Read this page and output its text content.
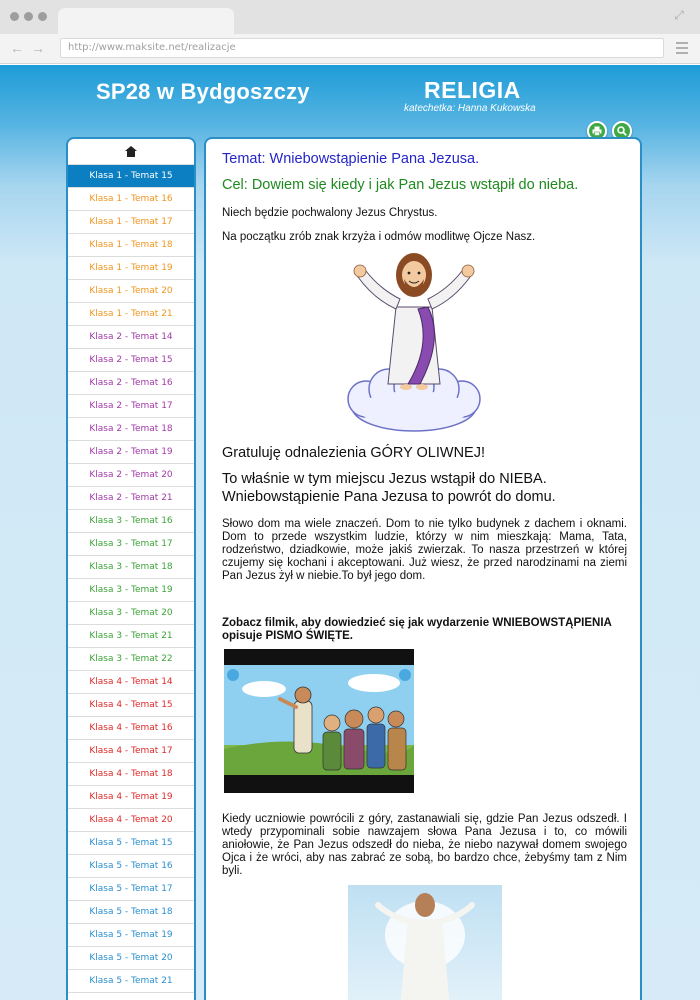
⤢
← →	http://www.maksite.net/realizacje
SP28 w Bydgoszczy	RELIGIA
katechetka: Hanna Kukowska
Klasa 1 - Temat 15
Klasa 1 - Temat 16
Klasa 1 - Temat 17
Klasa 1 - Temat 18
Klasa 1 - Temat 19
Klasa 1 - Temat 20
Klasa 1 - Temat 21
Klasa 2 - Temat 14
Klasa 2 - Temat 15
Klasa 2 - Temat 16
Klasa 2 - Temat 17
Klasa 2 - Temat 18
Klasa 2 - Temat 19
Klasa 2 - Temat 20
Klasa 2 - Temat 21
Klasa 3 - Temat 16
Klasa 3 - Temat 17
Klasa 3 - Temat 18
Klasa 3 - Temat 19
Klasa 3 - Temat 20
Klasa 3 - Temat 21
Klasa 3 - Temat 22
Klasa 4 - Temat 14
Klasa 4 - Temat 15
Klasa 4 - Temat 16
Klasa 4 - Temat 17
Klasa 4 - Temat 18
Klasa 4 - Temat 19
Klasa 4 - Temat 20
Klasa 5 - Temat 15
Klasa 5 - Temat 16
Klasa 5 - Temat 17
Klasa 5 - Temat 18
Klasa 5 - Temat 19
Klasa 5 - Temat 20
Klasa 5 - Temat 21
Temat: Wniebowstąpienie Pana Jezusa.
Cel: Dowiem się kiedy i jak Pan Jezus wstąpił do nieba.
Niech będzie pochwalony Jezus Chrystus.
Na początku zrób znak krzyża i odmów modlitwę Ojcze Nasz.
Gratuluję odnalezienia GÓRY OLIWNEJ!
To właśnie w tym miejscu Jezus wstąpił do NIEBA.
Wniebowstąpienie Pana Jezusa to powrót do domu.
Słowo dom ma wiele znaczeń. Dom to nie tylko budynek z dachem i oknami. Dom to przede wszystkim ludzie, którzy w nim mieszkają: Mama, Tata, rodzeństwo, dziadkowie, może jakiś zwierzak. To nasza przestrzeń w której czujemy się kochani i akceptowani. Już wiesz, że przed narodzinami na ziemi Pan Jezus żył w niebie.To był jego dom.
Zobacz filmik, aby dowiedzieć się jak wydarzenie WNIEBOWSTĄPIENIA opisuje PISMO ŚWIĘTE.
Kiedy uczniowie powrócili z góry, zastanawiali się, gdzie Pan Jezus odszedł. I wtedy przypominali sobie nawzajem słowa Pana Jezusa i to, co mówili aniołowie, że Pan Jezus odszedł do nieba, że niebo nazywał domem swojego Ojca i że wróci, aby nas zabrać ze sobą, bo bardzo chce, żebyśmy tam z Nim byli.
